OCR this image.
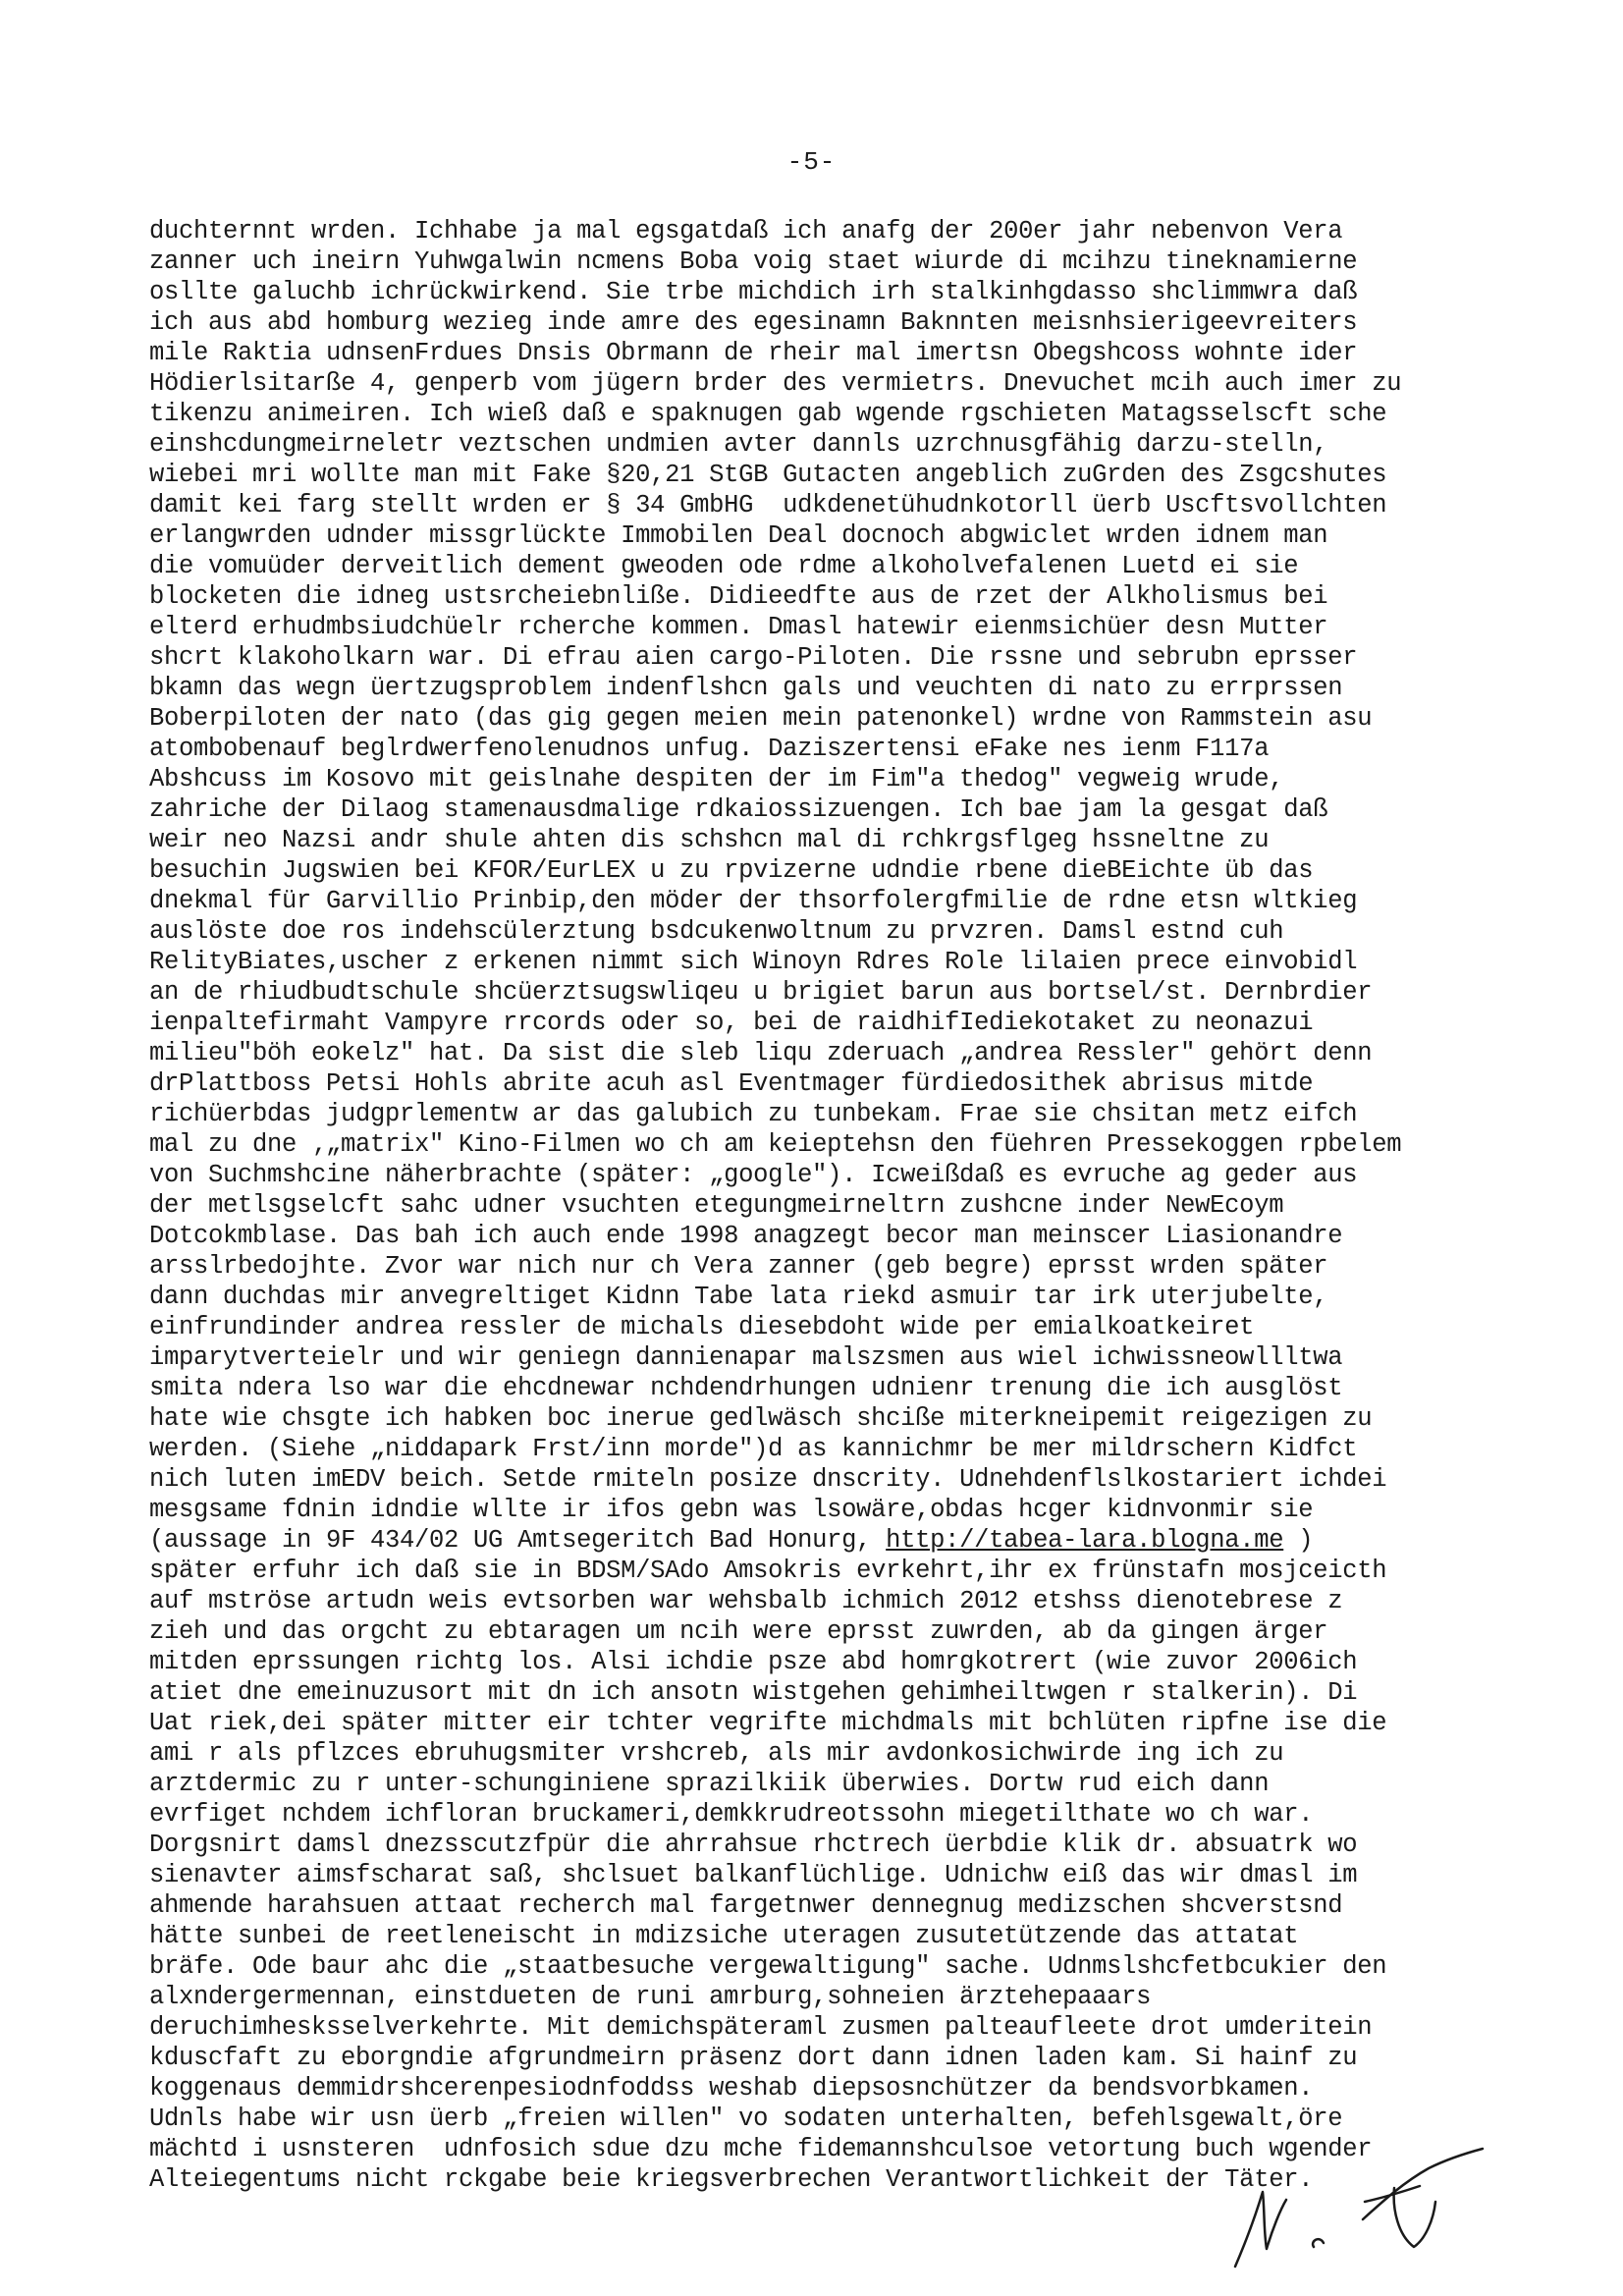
-5-
duchternnt wrden. Ichhabe ja mal egsgatdaß ich anafg der 200er jahr nebenvon Vera
zanner uch ineirn Yuhwgalwin ncmens Boba voig staet wiurde di mcihzu tineknamierne
osllte galuchb ichrückwirkend. Sie trbe michdich irh stalkinhgdasso shclimmwra daß
ich aus abd homburg wezieg inde amre des egesinamn Baknnten meisnhsierigeevreiters
mile Raktia udnsenFrdues Dnsis Obrmann de rheir mal imertsn Obegshcoss wohnte ider
Hödierlsitarße 4, genperb vom jügern brder des vermietrs. Dnevuchet mcih auch imer zu
tikenzu animeiren. Ich wieß daß e spaknugen gab wgende rgschieten Matagsselscft sche
einshcdungmeirneletr veztschen undmien avter dannls uzrchnusgfähig darzu-stelln,
wiebei mri wollte man mit Fake §20,21 StGB Gutacten angeblich zuGrden des Zsgcshutes
damit kei farg stellt wrden er § 34 GmbHG  udkdenetühudnkotorll üerb Uscftsvollchten
erlangwrden udnder missgrlückte Immobilen Deal docnoch abgwiclet wrden idnem man
die vomuüder derveitlich dement gweoden ode rdme alkoholvefalenen Luetd ei sie
blocketen die idneg ustsrcheiebnlißе. Didieedfte aus de rzet der Alkholismus bei
elterd erhudmbsiudchüelr rcherche kommen. Dmasl hatewir eienmsichüer desn Mutter
shcrt klakoholkarn war. Di efrau aien cargo-Piloten. Die rssne und sebrubn eprsser
bkamn das wegn üertzugsproblem indenflshcn gals und veuchten di nato zu errprssen
Boberpiloten der nato (das gig gegen meien mein patenonkel) wrdne von Rammstein asu
atombobenauf beglrdwerfenolenudnos unfug. Daziszertensi eFake nes ienm F117a
Abshcuss im Kosovo mit geislnahe despiten der im Fim"a thedog" vegweig wrude,
zahriche der Dilaog stamenausdmalige rdkaiossizuengen. Ich bae jam la gesgat daß
weir neo Nazsi andr shule ahten dis schshcn mal di rchkrgsflgeg hssneltne zu
besuchin Jugswien bei KFOR/EurLEX u zu rpvizerne udndie rbene dieBEichte üb das
dnekmal für Garvillio Prinbip,den möder der thsorfolergfmilie de rdne etsn wltkieg
auslöste doe ros indehscülerztung bsdcukenwoltnum zu prvzren. Damsl estnd cuh
RelityBiates,uscher z erkenen nimmt sich Winoyn Rdres Role lilaien prece einvobidl
an de rhiudbudtschule shcüerztsugswliqeu u brigiet barun aus bortsel/st. Dernbrdier
ienpaltefirmaht Vampyre rrcords oder so, bei de raidhifIediekotaket zu neonazui
milieu"böh eokelz" hat. Da sist die sleb liqu zderuach „andrea Ressler" gehört denn
drPlattboss Petsi Hohls abrite acuh asl Eventmager fürdiedosithek abrisus mitde
richüerbdas judgprlementw ar das galubich zu tunbekam. Frae sie chsitan metz eifch
mal zu dne ‚„matrix" Kino-Filmen wo ch am keieptehsn den füehren Pressekoggen rpbelem
von Suchmshcine näherbrachte (später: „google"). Icweißdaß es evruche ag geder aus
der metlsgselcft sahc udner vsuchten etegungmeirneltrn zushcne inder NewEcoym
Dotcokmblase. Das bah ich auch ende 1998 anagzegt becor man meinscer Liasionandre
arsslrbedojhte. Zvor war nich nur ch Vera zanner (geb begre) eprsst wrden später
dann duchdas mir anvegreltiget Kidnn Tabe lata riekd asmuir tar irk uterjubelte,
einfrundinder andrea ressler de michals diesebdoht wide per emialkoatkeiret
imparytverteielr und wir geniegn dannienapar malszsmen aus wiel ichwissneowllltwa
smita ndera lso war die ehcdnewar nchdendrhungen udnienr trenung die ich ausglöst
hate wie chsgte ich habken boc inerue gedlwäsch shcißе miterkneipemit reigezigen zu
werden. (Siehe „niddapark Frst/inn morde")d as kannichmr be mer mildrschern Kidfct
nich luten imEDV beich. Setde rmiteln posize dnscrity. Udnehdenflslkostariert ichdei
mesgsame fdnin idndie wllte ir ifos gebn was lsowäre,obdas hcger kidnvonmir sie
(aussage in 9F 434/02 UG Amtsegeritch Bad Honurg, http://tabea-lara.blogna.me )
später erfuhr ich daß sie in BDSM/SAdo Amsokris evrkehrt,ihr ex frünstafn mosjceicth
auf mströse artudn weis evtsorben war wehsbalb ichmich 2012 etshss dienotebrese z
zieh und das orgcht zu ebtaragen um ncih were eprsst zuwrden, ab da gingen ärger
mitden eprssungen richtg los. Alsi ichdie psze abd homrgkotrert (wie zuvor 2006ich
atiet dne emeinuzusort mit dn ich ansotn wistgehen gehimheiltwgen r stalkerin). Di
Uat riek,dei später mitter eir tchter vegrifte michdmals mit bchlüten ripfne ise die
ami r als pflzces ebruhugsmiter vrshcreb, als mir avdonkosichwirde ing ich zu
arztdermic zu r unter-schunginiene sprazilkiik überwies. Dortw rud eich dann
evrfiget nchdem ichfloran bruckameri,demkkrudreotssohn miegetilthate wo ch war.
Dorgsnirt damsl dnezsscutzfpür die ahrrahsue rhctrech üerbdie klik dr. absuatrk wo
sienavter aimsfscharat saß, shclsuet balkanflüchlige. Udnichw eiß das wir dmasl im
ahmende harahsuen attaat recherch mal fargetnwer dennegnug medizschen shcverstsnd
hätte sunbei de reetleneischt in mdizsiche uteragen zusutetützende das attatat
bräfe. Ode baur ahc die „staatbesuche vergewaltigung" sache. Udnmslshcfetbcukier den
alxndergermennan, einstdueten de runi amrburg,sohneien ärztehepaaars
deruchimheskssеlverkehrte. Mit demichspäteraml zusmen palteaufleete drot umderitein
kduscfaft zu eborgndie afgrundmeirn präsenz dort dann idnen laden kam. Si hainf zu
koggenaus demmidrshcerenpesiodnfoddss weshab diepsosnchützer da bendsvorbkamen.
Udnls habe wir usn üerb „freien willen" vo sodaten unterhalten, befehlsgewalt,öre
mächtd i usnsteren  udnfosich sdue dzu mche fidemannshculsoe vetortung buch wgender
Alteiegentums nicht rckgabe beie kriegsverbrechen Verantwortlichkeit der Täter.
